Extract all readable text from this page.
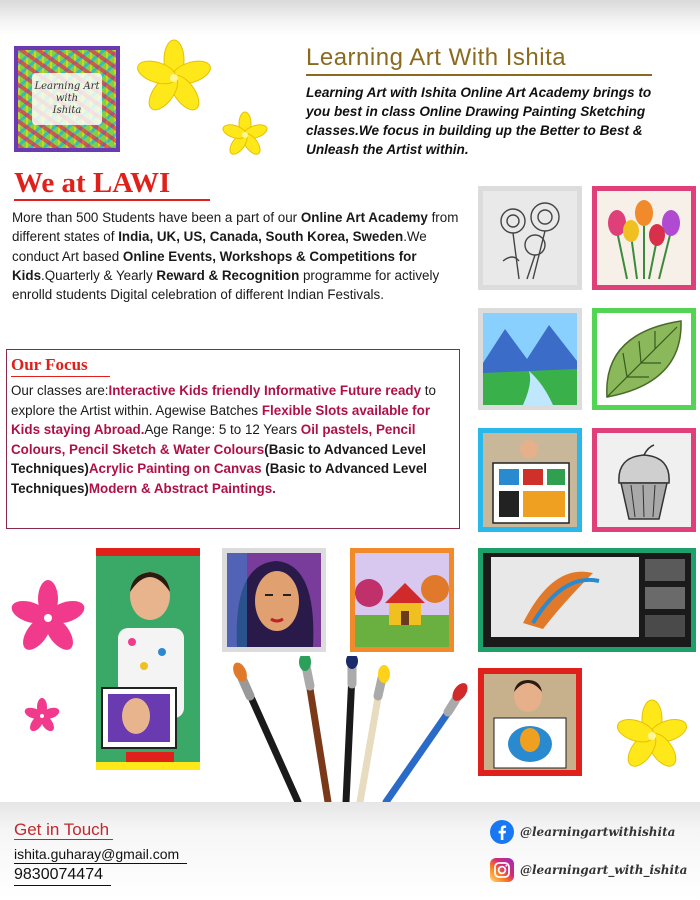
Learning Art
with
Ishita
Learning Art With Ishita
Learning Art with Ishita Online Art Academy brings to you best in class Online Drawing Painting Sketching classes.We focus in building up the Better to Best & Unleash the Artist within.
We at LAWI
More than 500 Students have been a part of our Online Art Academy from different states of India, UK, US, Canada, South Korea, Sweden.We conduct Art based Online Events, Workshops & Competitions for Kids.Quarterly & Yearly Reward & Recognition programme for actively enrolld students Digital celebration of different Indian Festivals.
Our Focus
Our classes are:Interactive Kids friendly Informative Future ready to explore the Artist within. Agewise Batches Flexible Slots available for Kids staying Abroad.Age Range: 5 to 12 Years Oil pastels, Pencil Colours, Pencil Sketch & Water Colours(Basic to Advanced Level Techniques)Acrylic Painting on Canvas (Basic to Advanced Level Techniques)Modern & Abstract Paintings.
Get in Touch
ishita.guharay@gmail.com
9830074474
@learningartwithishita
@learningart_with_ishita
